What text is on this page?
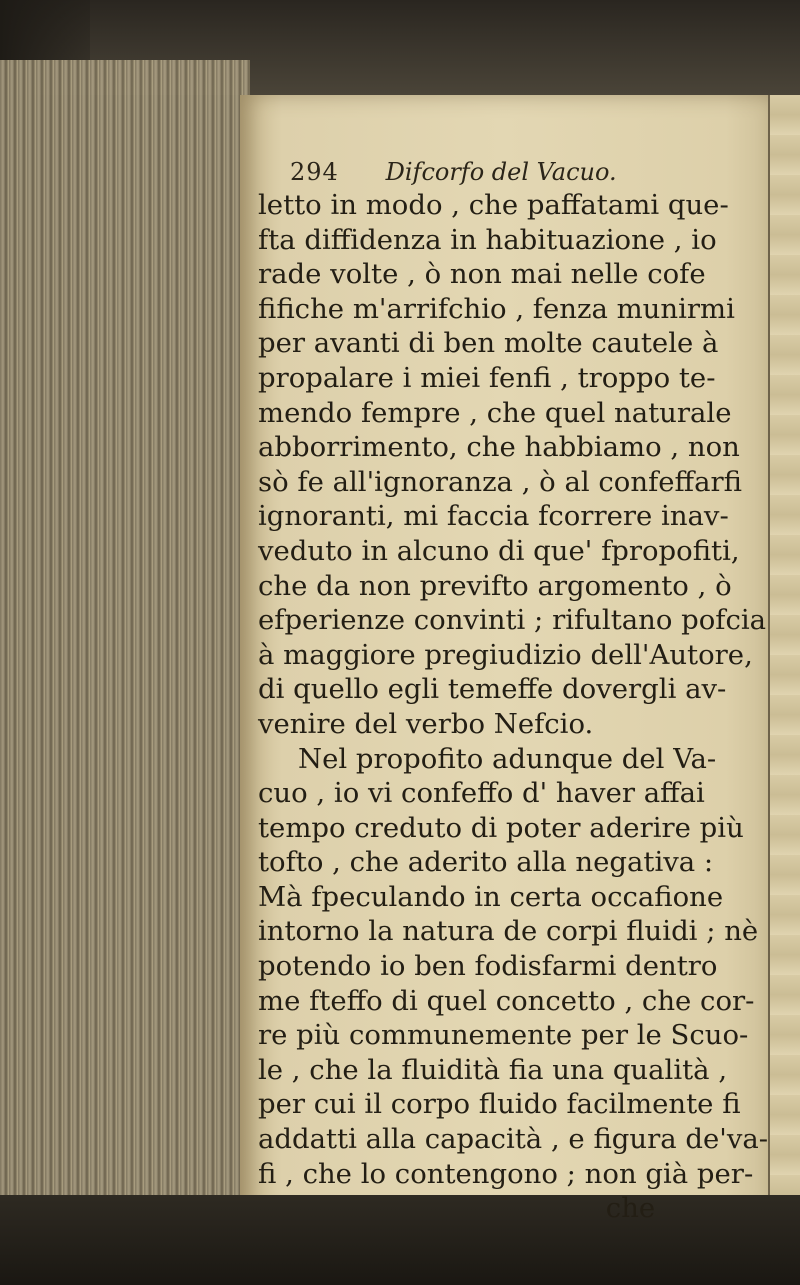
294 Difcorfo del Vacuo.
letto in modo , che paffatami que-
fta diffidenza in habituazione , io
rade volte , ò non mai nelle cofe
fifiche m'arrifchio , fenza munirmi
per avanti di ben molte cautele à
propalare i miei fenfi , troppo te-
mendo fempre , che quel naturale
abborrimento, che habbiamo , non
sò fe all'ignoranza , ò al confeffarfi
ignoranti, mi faccia fcorrere inav-
veduto in alcuno di que' fpropofiti,
che da non previfto argomento , ò
efperienze convinti ; rifultano pofcia
à maggiore pregiudizio dell'Autore,
di quello egli temeffe dovergli av-
venire del verbo Nefcio.
Nel propofito adunque del Va-
cuo , io vi confeffo d' haver affai
tempo creduto di poter aderire più
tofto , che aderito alla negativa :
Mà fpeculando in certa occafione
intorno la natura de corpi fluidi ; nè
potendo io ben fodisfarmi dentro
me fteffo di quel concetto , che cor-
re più communemente per le Scuo-
le , che la fluidità fia una qualità ,
per cui il corpo fluido facilmente fi
addatti alla capacità , e figura de'va-
fi , che lo contengono ; non già per-
che
